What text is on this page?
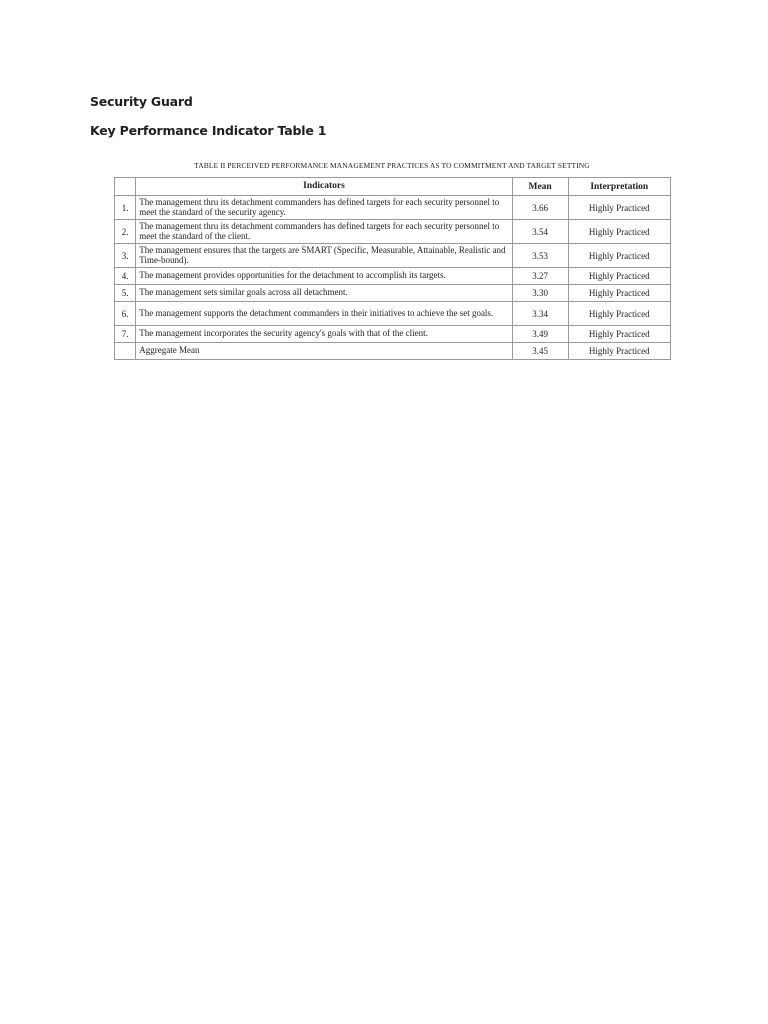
Security Guard
Key Performance Indicator Table 1
TABLE II PERCEIVED PERFORMANCE MANAGEMENT PRACTICES AS TO COMMITMENT AND TARGET SETTING
	Indicators	Mean	Interpretation
1.	The management thru its detachment commanders has defined targets for each security personnel to meet the standard of the security agency.	3.66	Highly Practiced
2.	The management thru its detachment commanders has defined targets for each security personnel to meet the standard of the client.	3.54	Highly Practiced
3.	The management ensures that the targets are SMART (Specific, Measurable, Attainable, Realistic and Time-bound).	3.53	Highly Practiced
4.	The management provides opportunities for the detachment to accomplish its targets.	3.27	Highly Practiced
5.	The management sets similar goals across all detachment.	3.30	Highly Practiced
6.	The management supports the detachment commanders in their initiatives to achieve the set goals.	3.34	Highly Practiced
7.	The management incorporates the security agency's goals with that of the client.	3.49	Highly Practiced
	Aggregate Mean	3.45	Highly Practiced
